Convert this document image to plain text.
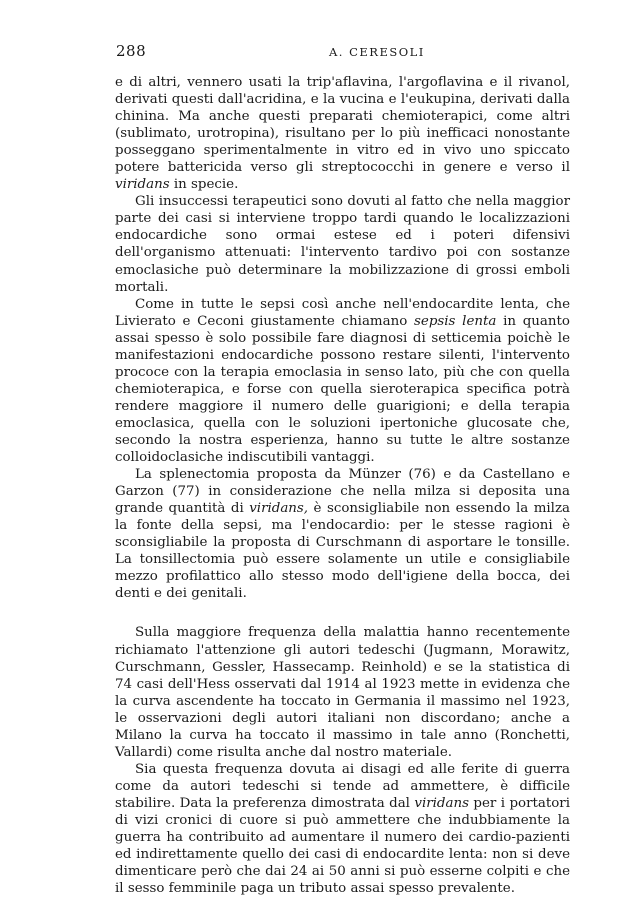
288	A. CERESOLI

e di altri, vennero usati la trip'aflavina, l'argoflavina e il rivanol, derivati questi dall'acridina, e la vucina e l'eukupina, derivati dalla chinina. Ma anche questi preparati chemioterapici, come altri (sublimato, urotropina), risultano per lo più inefficaci nonostante posseggano sperimentalmente in vitro ed in vivo uno spiccato potere battericida verso gli streptococchi in genere e verso il viridans in specie.

Gli insuccessi terapeutici sono dovuti al fatto che nella maggior parte dei casi si interviene troppo tardi quando le localizzazioni endocardiche sono ormai estese ed i poteri difensivi dell'organismo attenuati: l'intervento tardivo poi con sostanze emoclasiche può determinare la mobilizzazione di grossi emboli mortali.

Come in tutte le sepsi così anche nell'endocardite lenta, che Livierato e Ceconi giustamente chiamano sepsis lenta in quanto assai spesso è solo possibile fare diagnosi di setticemia poichè le manifestazioni endocardiche possono restare silenti, l'intervento prococe con la terapia emoclasia in senso lato, più che con quella chemioterapica, e forse con quella sieroterapica specifica potrà rendere maggiore il numero delle guarigioni; e della terapia emoclasica, quella con le soluzioni ipertoniche glucosate che, secondo la nostra esperienza, hanno su tutte le altre sostanze colloidoclasiche indiscutibili vantaggi.

La splenectomia proposta da Münzer (76) e da Castellano e Garzon (77) in considerazione che nella milza si deposita una grande quantità di viridans, è sconsigliabile non essendo la milza la fonte della sepsi, ma l'endocardio: per le stesse ragioni è sconsigliabile la proposta di Curschmann di asportare le tonsille. La tonsillectomia può essere solamente un utile e consigliabile mezzo profilattico allo stesso modo dell'igiene della bocca, dei denti e dei genitali.

Sulla maggiore frequenza della malattia hanno recentemente richiamato l'attenzione gli autori tedeschi (Jugmann, Morawitz, Curschmann, Gessler, Hassecamp. Reinhold) e se la statistica di 74 casi dell'Hess osservati dal 1914 al 1923 mette in evidenza che la curva ascendente ha toccato in Germania il massimo nel 1923, le osservazioni degli autori italiani non discordano; anche a Milano la curva ha toccato il massimo in tale anno (Ronchetti, Vallardi) come risulta anche dal nostro materiale.

Sia questa frequenza dovuta ai disagi ed alle ferite di guerra come da autori tedeschi si tende ad ammettere, è difficile stabilire. Data la preferenza dimostrata dal viridans per i portatori di vizi cronici di cuore si può ammettere che indubbiamente la guerra ha contribuito ad aumentare il numero dei cardio-pazienti ed indirettamente quello dei casi di endocardite lenta: non si deve dimenticare però che dai 24 ai 50 anni si può esserne colpiti e che il sesso femminile paga un tributo assai spesso prevalente.
